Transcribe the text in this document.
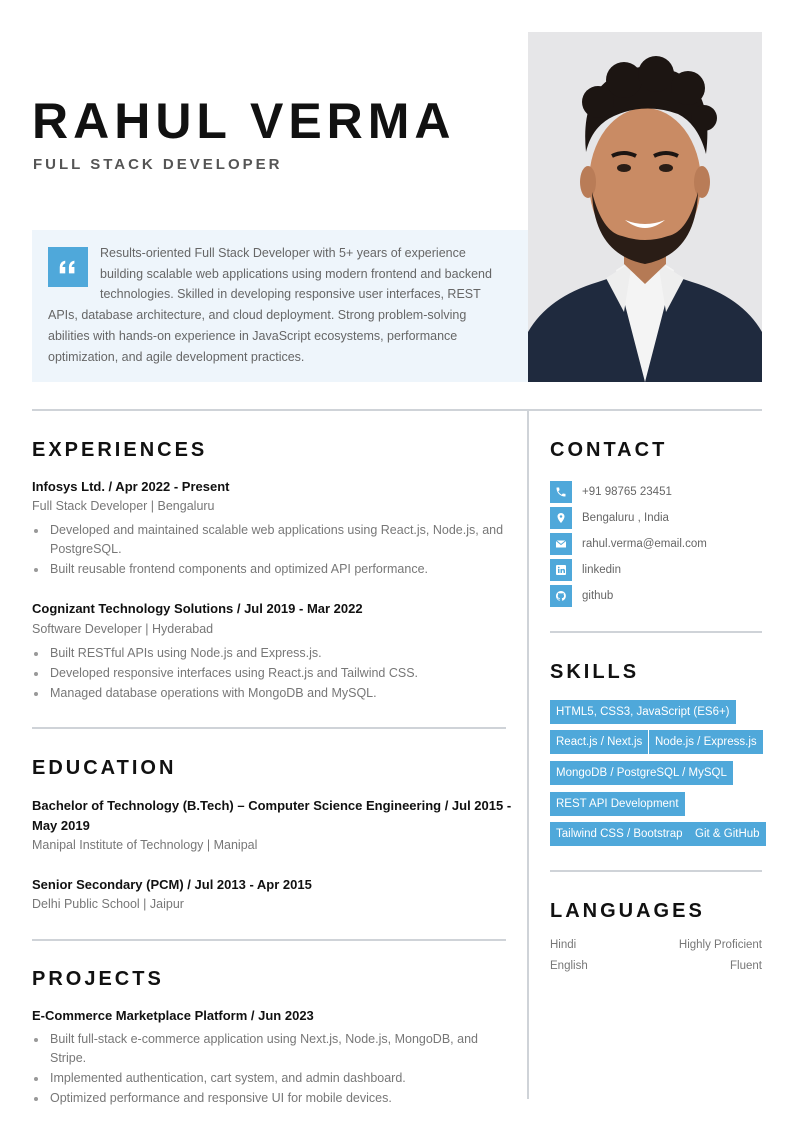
RAHUL VERMA
FULL STACK DEVELOPER

Results-oriented Full Stack Developer with 5+ years of experience building scalable web applications using modern frontend and backend technologies. Skilled in developing responsive user interfaces, REST APIs, database architecture, and cloud deployment. Strong problem-solving abilities with hands-on experience in JavaScript ecosystems, performance optimization, and agile development practices.

EXPERIENCES
Infosys Ltd. / Apr 2022 - Present
Full Stack Developer | Bengaluru
Developed and maintained scalable web applications using React.js, Node.js, and PostgreSQL.
Built reusable frontend components and optimized API performance.
Cognizant Technology Solutions / Jul 2019 - Mar 2022
Software Developer | Hyderabad
Built RESTful APIs using Node.js and Express.js.
Developed responsive interfaces using React.js and Tailwind CSS.
Managed database operations with MongoDB and MySQL.
EDUCATION
Bachelor of Technology (B.Tech) – Computer Science Engineering / Jul 2015 - May 2019
Manipal Institute of Technology | Manipal
Senior Secondary (PCM) / Jul 2013 - Apr 2015
Delhi Public School | Jaipur
PROJECTS
E-Commerce Marketplace Platform / Jun 2023
Built full-stack e-commerce application using Next.js, Node.js, MongoDB, and Stripe.
Implemented authentication, cart system, and admin dashboard.
Optimized performance and responsive UI for mobile devices.
CONTACT
+91 98765 23451
Bengaluru , India
rahul.verma@email.com
linkedin
github
SKILLS
HTML5, CSS3, JavaScript (ES6+)
React.js / Next.js	Node.js / Express.js
MongoDB / PostgreSQL / MySQL
REST API Development
Tailwind CSS / Bootstrap	Git & GitHub
LANGUAGES
Hindi	Highly Proficient
English	Fluent
